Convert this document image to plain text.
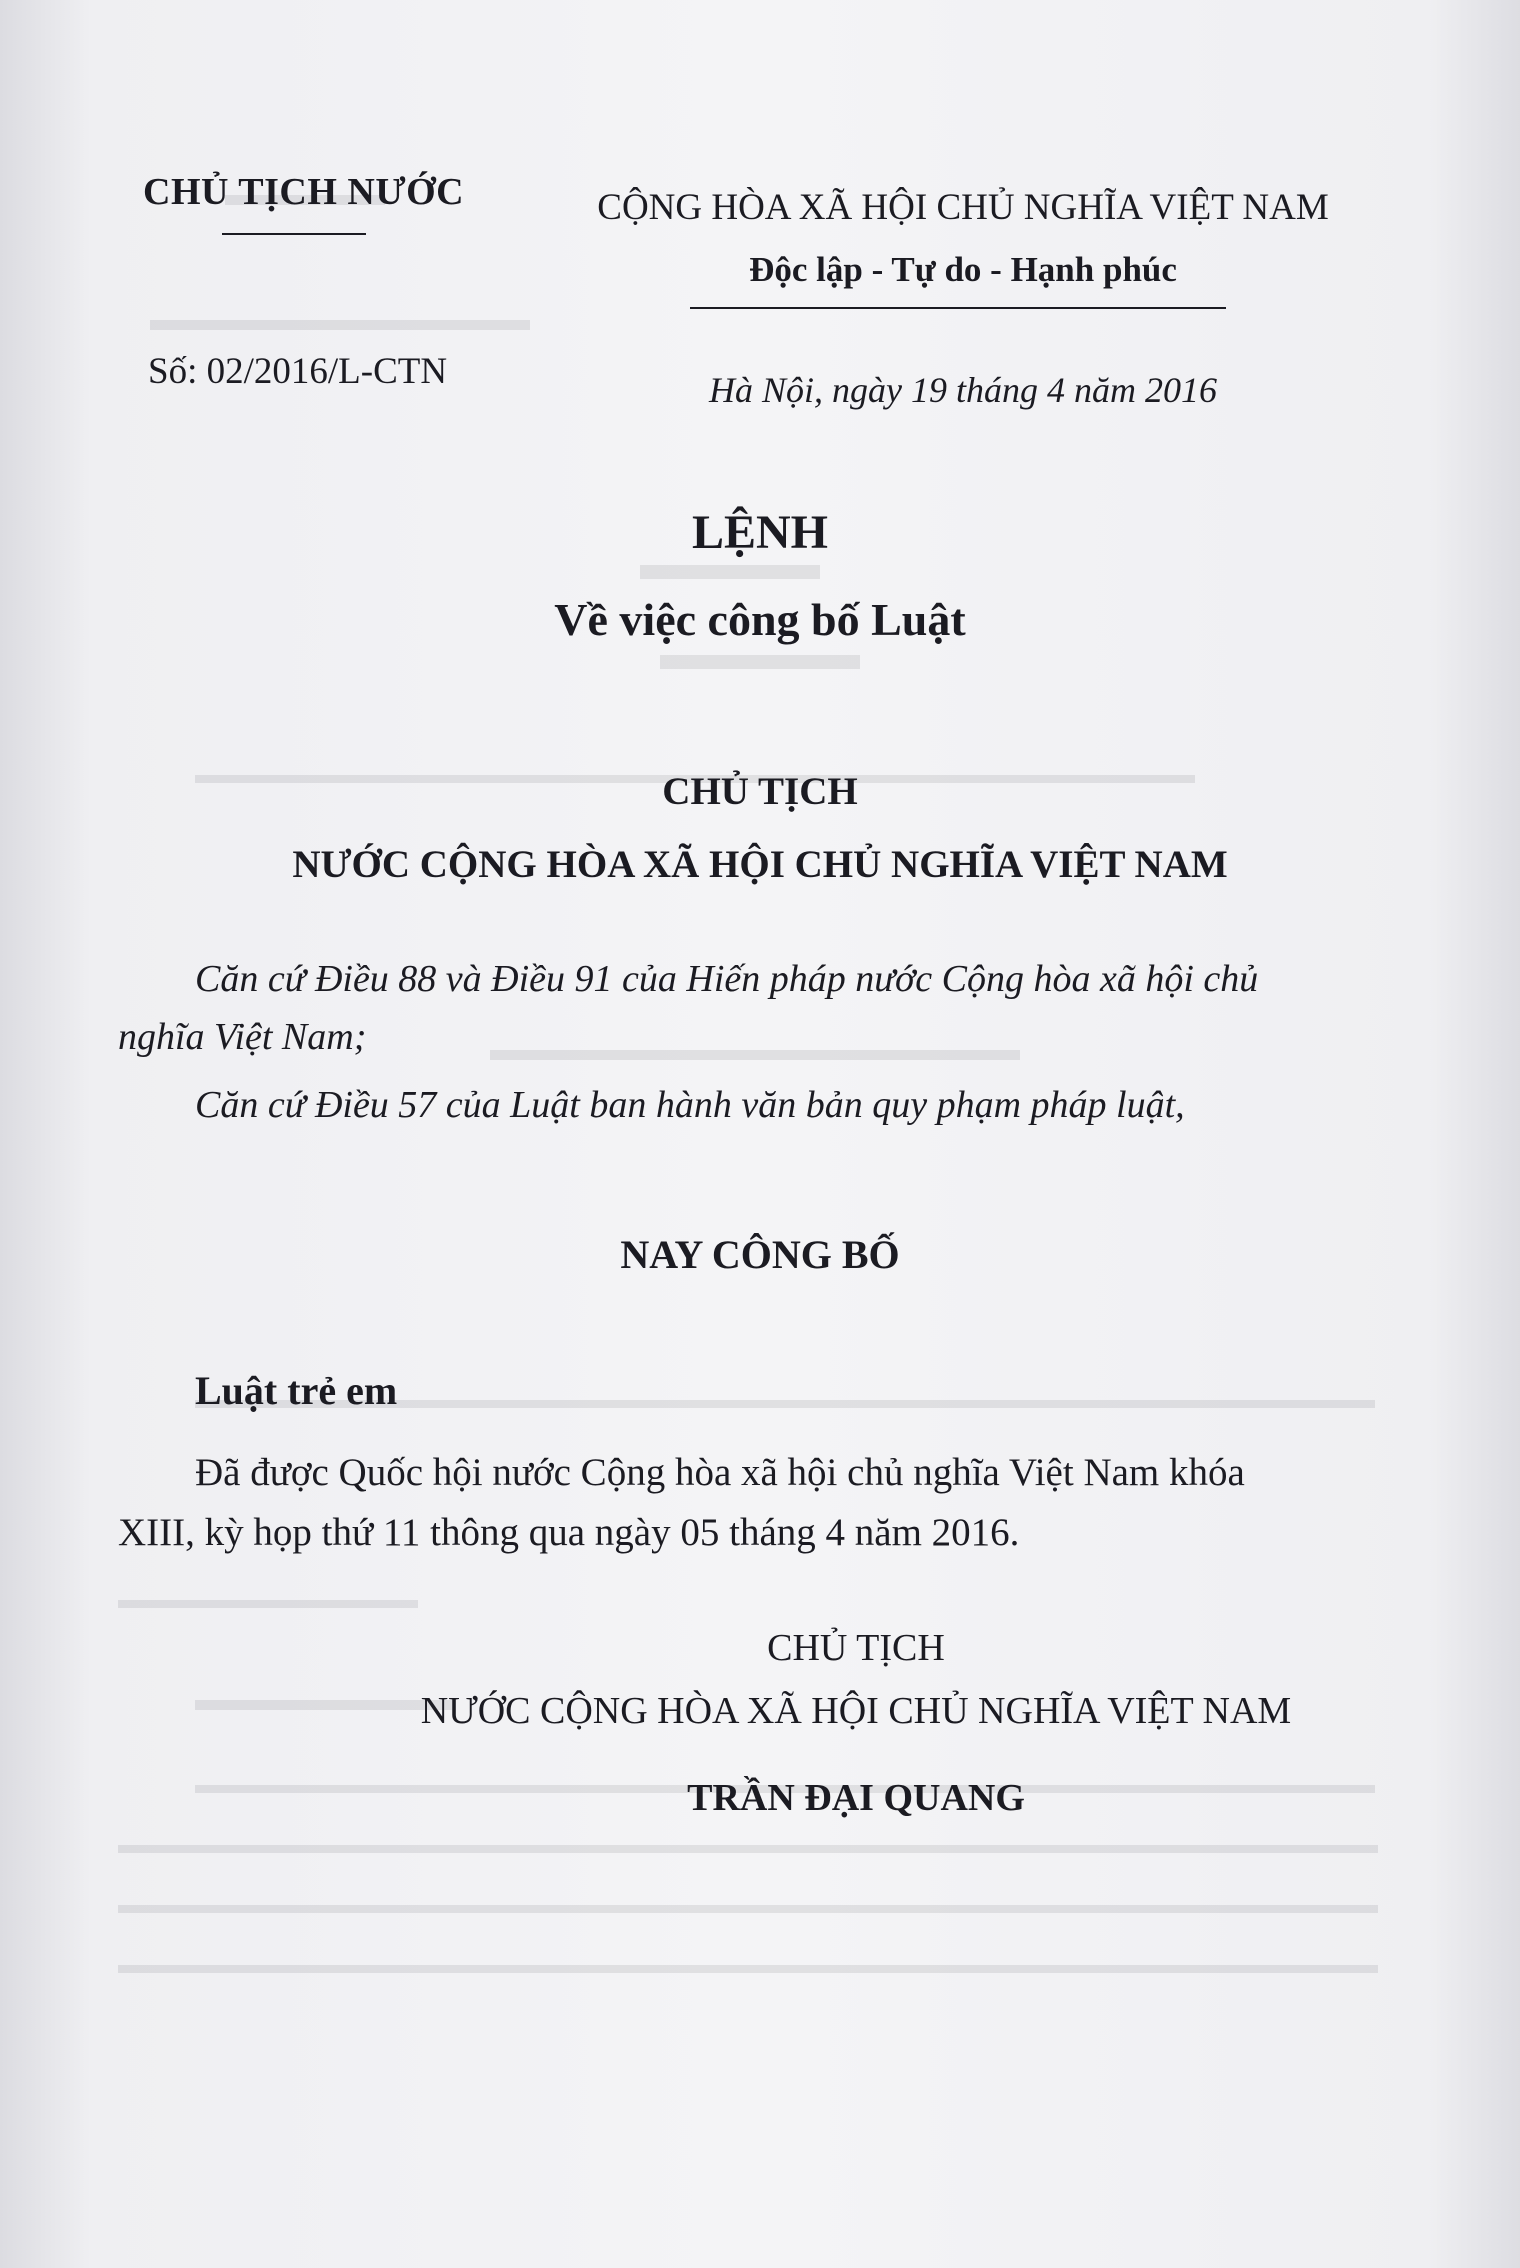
CHỦ TỊCH NƯỚC
Số: 02/2016/L-CTN
CỘNG HÒA XÃ HỘI CHỦ NGHĨA VIỆT NAM
Độc lập - Tự do - Hạnh phúc
Hà Nội, ngày 19 tháng 4 năm 2016
LỆNH
Về việc công bố Luật
CHỦ TỊCH
NƯỚC CỘNG HÒA XÃ HỘI CHỦ NGHĨA VIỆT NAM
Căn cứ Điều 88 và Điều 91 của Hiến pháp nước Cộng hòa xã hội chủ
nghĩa Việt Nam;
Căn cứ Điều 57 của Luật ban hành văn bản quy phạm pháp luật,
NAY CÔNG BỐ
Luật trẻ em
Đã được Quốc hội nước Cộng hòa xã hội chủ nghĩa Việt Nam khóa
XIII, kỳ họp thứ 11 thông qua ngày 05 tháng 4 năm 2016.
CHỦ TỊCH
NƯỚC CỘNG HÒA XÃ HỘI CHỦ NGHĨA VIỆT NAM
TRẦN ĐẠI QUANG
